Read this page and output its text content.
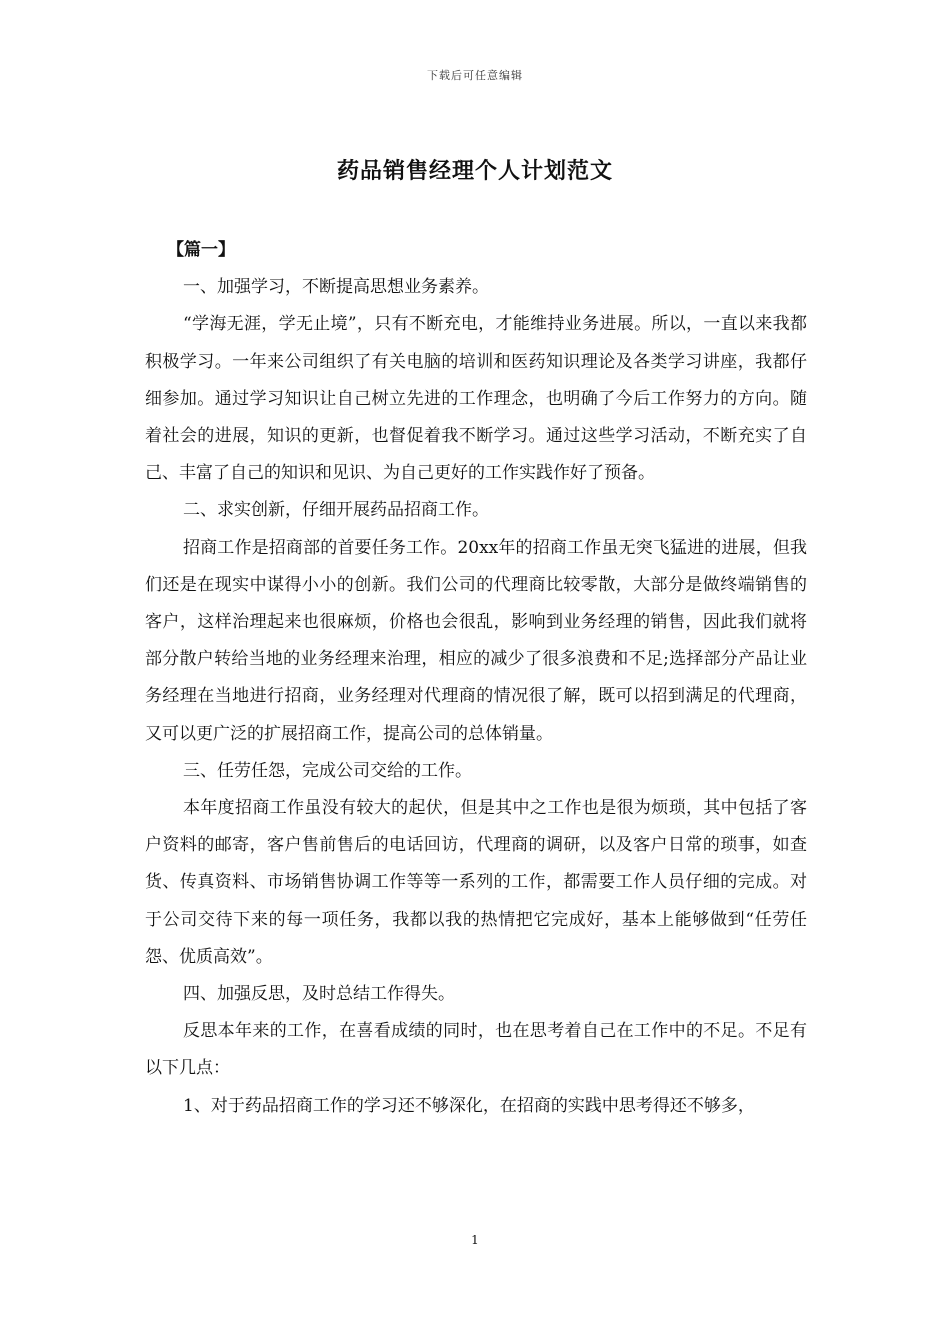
下载后可任意编辑
药品销售经理个人计划范文

【篇一】

一、加强学习，不断提高思想业务素养。

“学海无涯，学无止境”，只有不断充电，才能维持业务进展。所以，一直以来我都积极学习。一年来公司组织了有关电脑的培训和医药知识理论及各类学习讲座，我都仔细参加。通过学习知识让自己树立先进的工作理念，也明确了今后工作努力的方向。随着社会的进展，知识的更新，也督促着我不断学习。通过这些学习活动，不断充实了自己、丰富了自己的知识和见识、为自己更好的工作实践作好了预备。

二、求实创新，仔细开展药品招商工作。

招商工作是招商部的首要任务工作。20xx年的招商工作虽无突飞猛进的进展，但我们还是在现实中谋得小小的创新。我们公司的代理商比较零散，大部分是做终端销售的客户，这样治理起来也很麻烦，价格也会很乱，影响到业务经理的销售，因此我们就将部分散户转给当地的业务经理来治理，相应的减少了很多浪费和不足;选择部分产品让业务经理在当地进行招商，业务经理对代理商的情况很了解，既可以招到满足的代理商，又可以更广泛的扩展招商工作，提高公司的总体销量。

三、任劳任怨，完成公司交给的工作。

本年度招商工作虽没有较大的起伏，但是其中之工作也是很为烦琐，其中包括了客户资料的邮寄，客户售前售后的电话回访，代理商的调研，以及客户日常的琐事，如查货、传真资料、市场销售协调工作等等一系列的工作，都需要工作人员仔细的完成。对于公司交待下来的每一项任务，我都以我的热情把它完成好，基本上能够做到“任劳任怨、优质高效”。

四、加强反思，及时总结工作得失。

反思本年来的工作，在喜看成绩的同时，也在思考着自己在工作中的不足。不足有以下几点：

1、对于药品招商工作的学习还不够深化，在招商的实践中思考得还不够多，

1
